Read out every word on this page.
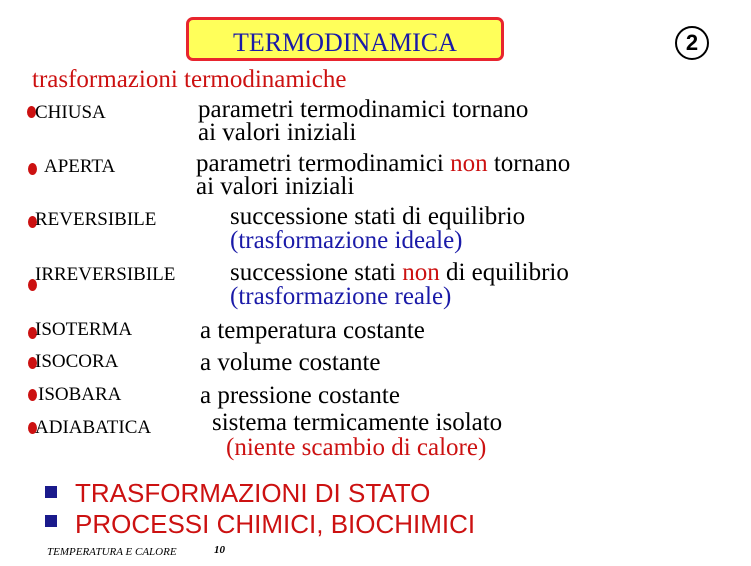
TERMODINAMICA	2
trasformazioni termodinamiche
CHIUSA	parametri termodinamici tornano
ai valori iniziali
APERTA	parametri termodinamici non tornano
ai valori iniziali
REVERSIBILE	successione stati di equilibrio
(trasformazione ideale)
IRREVERSIBILE successione stati non di equilibrio
(trasformazione reale)
ISOTERMA	a temperatura costante
ISOCORA	a volume costante
ISOBARA	a pressione costante
ADIABATICA sistema termicamente isolato
(niente scambio di calore)
TRASFORMAZIONI DI STATO
PROCESSI CHIMICI, BIOCHIMICI
TEMPERATURA E CALORE	10
